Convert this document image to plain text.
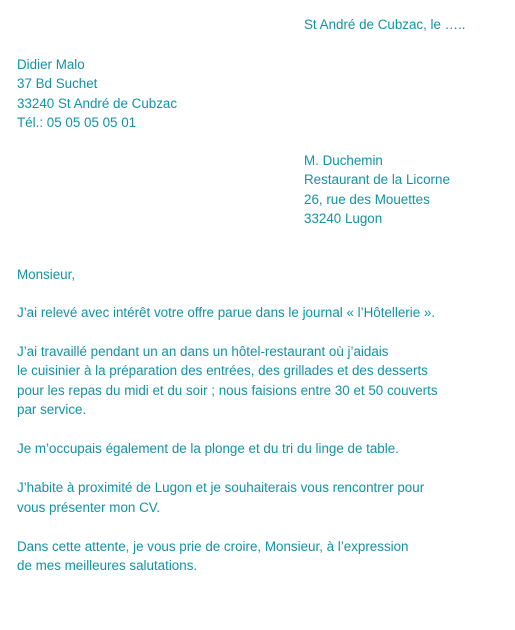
St André de Cubzac, le …..
Didier Malo
37 Bd Suchet
33240 St André de Cubzac
Tél.: 05 05 05 05 01
M. Duchemin
Restaurant de la Licorne
26, rue des Mouettes
33240 Lugon
Monsieur,
J’ai relevé avec intérêt votre offre parue dans le journal « l’Hôtellerie ».
J’ai travaillé pendant un an dans un hôtel-restaurant où j’aidais
le cuisinier à la préparation des entrées, des grillades et des desserts
pour les repas du midi et du soir ; nous faisions entre 30 et 50 couverts
par service.
Je m’occupais également de la plonge et du tri du linge de table.
J’habite à proximité de Lugon et je souhaiterais vous rencontrer pour
vous présenter mon CV.
Dans cette attente, je vous prie de croire, Monsieur, à l’expression
de mes meilleures salutations.
